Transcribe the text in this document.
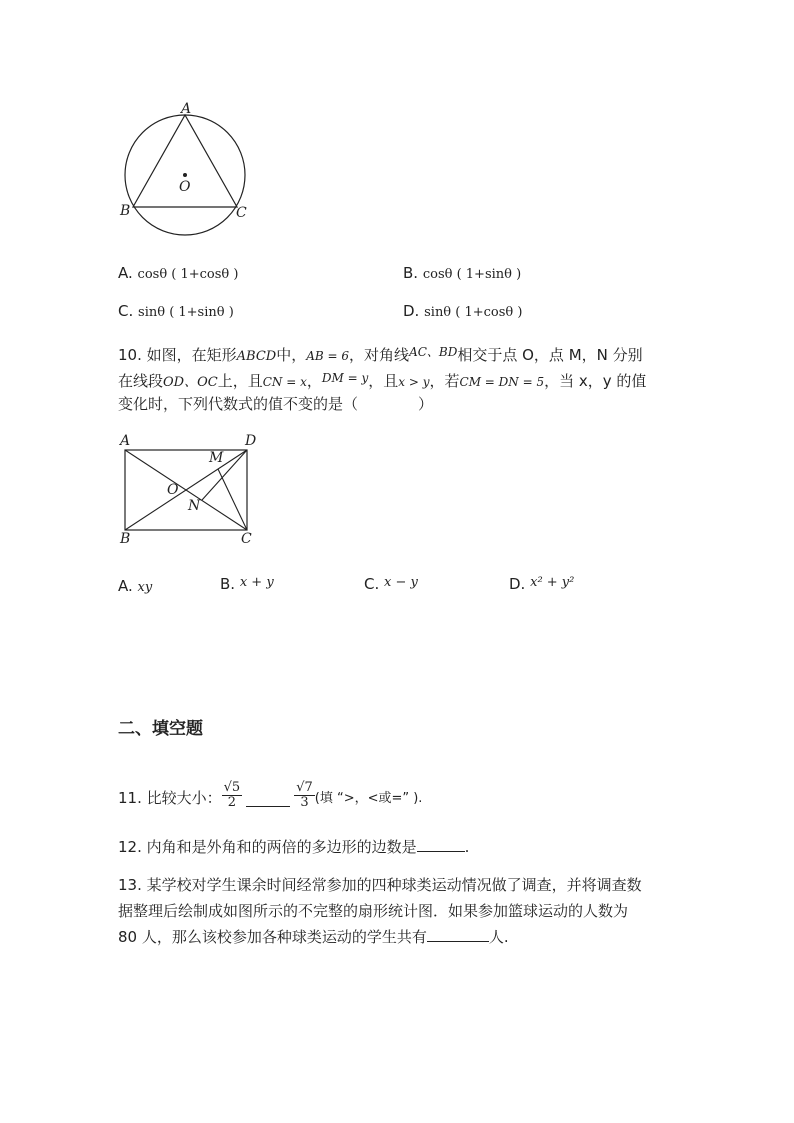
A
O
B	C
A. cosθ ( 1+cosθ )	B. cosθ ( 1+sinθ )
C. sinθ ( 1+sinθ )	D. sinθ ( 1+cosθ )
10. 如图，在矩形ABCD中，AB = 6，对角线$^{AC、BD}$相交于点 O，点 M，N 分别
在线段OD、OC上，且CN = x，$^{DM = y}$，且x > y，若CM = DN = 5，当 x，y 的值
变化时，下列代数式的值不变的是（　　　　）
A	D
M
O
N
B	C
A. xy	B. x + y	C. x − y	D. x² + y²
二、填空题
11. 比较大小： $\frac{√5}{2}$	$\frac{√7}{3}$ (填 “>，<或=” ).
12. 内角和是外角和的两倍的多边形的边数是	.
13. 某学校对学生课余时间经常参加的四种球类运动情况做了调查，并将调查数
据整理后绘制成如图所示的不完整的扇形统计图．如果参加篮球运动的人数为
80 人，那么该校参加各种球类运动的学生共有	人.
